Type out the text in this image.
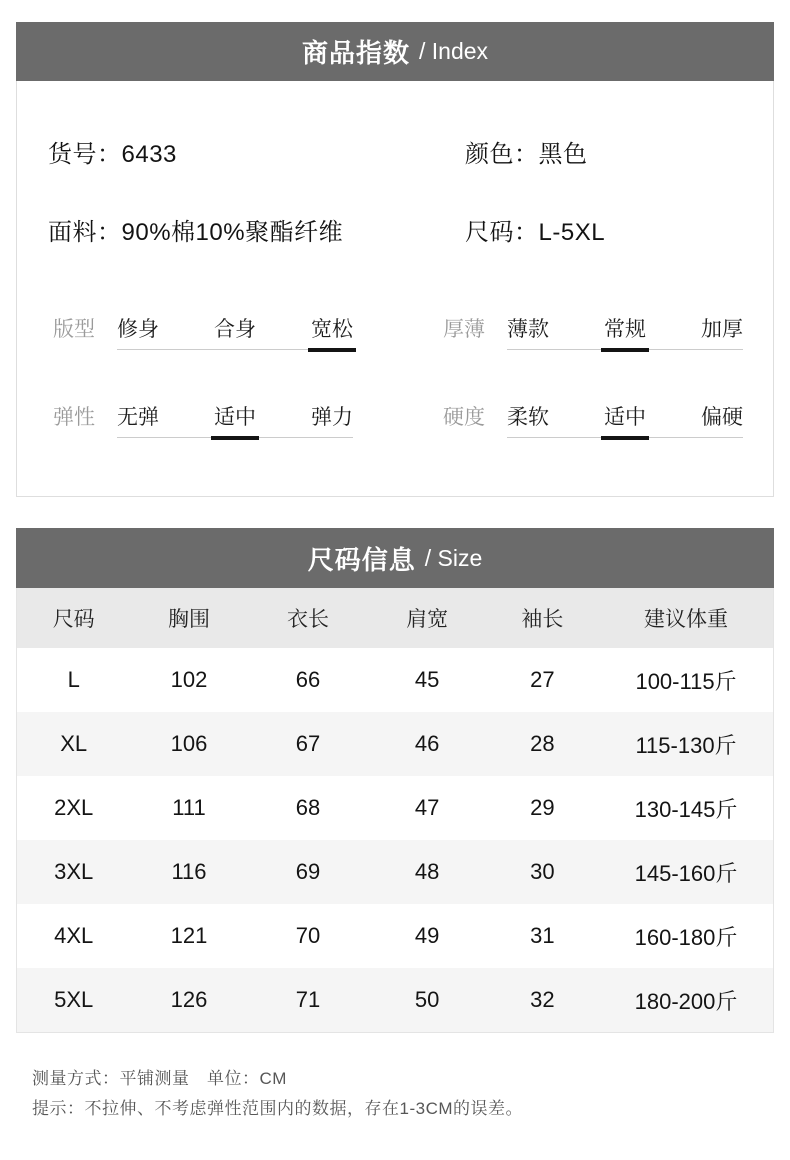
商品指数 / Index
货号：6433	颜色：黑色
面料：90%棉10%聚酯纤维	尺码：L-5XL
版型 修身	合身	宽松	厚薄 薄款	常规	加厚
弹性 无弹	适中	弹力	硬度 柔软	适中	偏硬
尺码信息 / Size
尺码	胸围	衣长	肩宽	袖长	建议体重
L	102	66	45	27	100-115斤
XL	106	67	46	28	115-130斤
2XL	111	68	47	29	130-145斤
3XL	116	69	48	30	145-160斤
4XL	121	70	49	31	160-180斤
5XL	126	71	50	32	180-200斤
测量方式：平铺测量　单位：CM
提示：不拉伸、不考虑弹性范围内的数据，存在1-3CM的误差。
